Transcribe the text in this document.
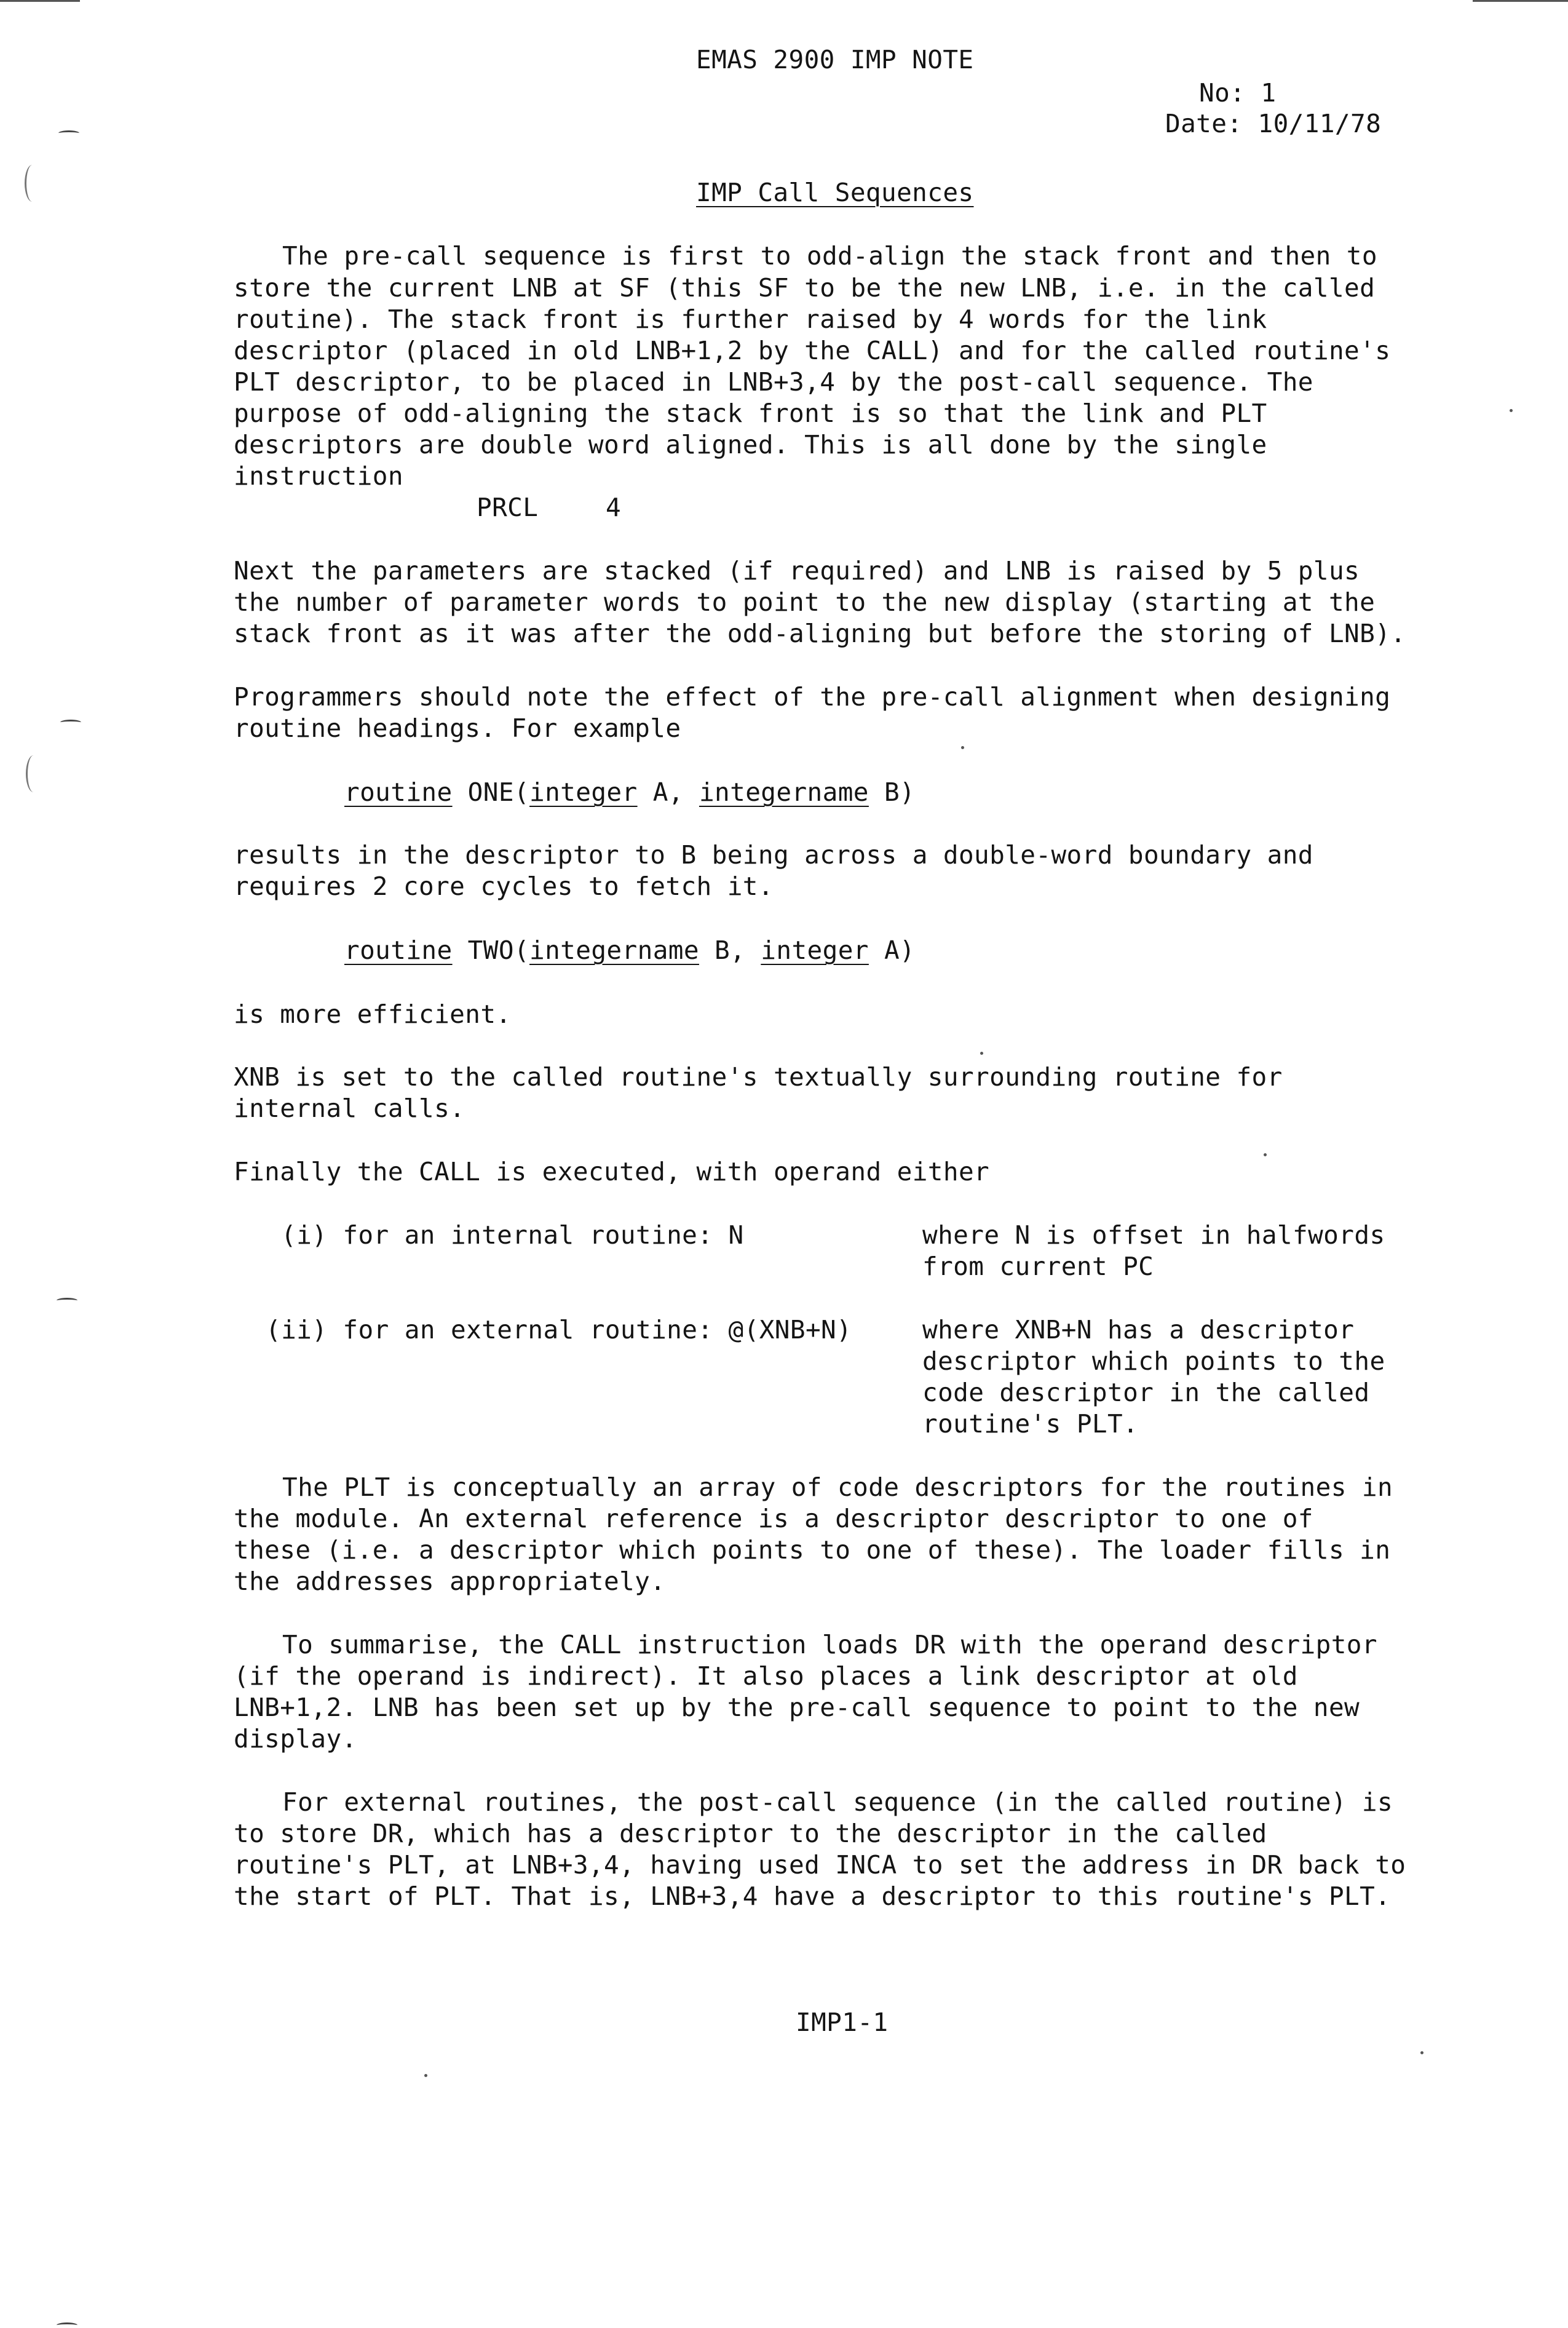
EMAS 2900 IMP NOTE

No: 1

Date: 10/11/78

IMP Call Sequences

The pre-call sequence is first to odd-align the stack front and then to

store the current LNB at SF (this SF to be the new LNB, i.e. in the called

routine). The stack front is further raised by 4 words for the link

descriptor (placed in old LNB+1,2 by the CALL) and for the called routine's

PLT descriptor, to be placed in LNB+3,4 by the post-call sequence. The

purpose of odd-aligning the stack front is so that the link and PLT

descriptors are double word aligned. This is all done by the single

instruction

PRCL	4

Next the parameters are stacked (if required) and LNB is raised by 5 plus

the number of parameter words to point to the new display (starting at the

stack front as it was after the odd-aligning but before the storing of LNB).

Programmers should note the effect of the pre-call alignment when designing

routine headings. For example

routine ONE(integer A, integername B)

results in the descriptor to B being across a double-word boundary and

requires 2 core cycles to fetch it.

routine TWO(integername B, integer A)

is more efficient.

XNB is set to the called routine's textually surrounding routine for

internal calls.

Finally the CALL is executed, with operand either

(i) for an internal routine: N	where N is offset in halfwords

from current PC

(ii) for an external routine: @(XNB+N)	where XNB+N has a descriptor

descriptor which points to the

code descriptor in the called

routine's PLT.

The PLT is conceptually an array of code descriptors for the routines in

the module. An external reference is a descriptor descriptor to one of

these (i.e. a descriptor which points to one of these). The loader fills in

the addresses appropriately.

To summarise, the CALL instruction loads DR with the operand descriptor

(if the operand is indirect). It also places a link descriptor at old

LNB+1,2. LNB has been set up by the pre-call sequence to point to the new

display.

For external routines, the post-call sequence (in the called routine) is

to store DR, which has a descriptor to the descriptor in the called

routine's PLT, at LNB+3,4, having used INCA to set the address in DR back to

the start of PLT. That is, LNB+3,4 have a descriptor to this routine's PLT.

IMP1-1
